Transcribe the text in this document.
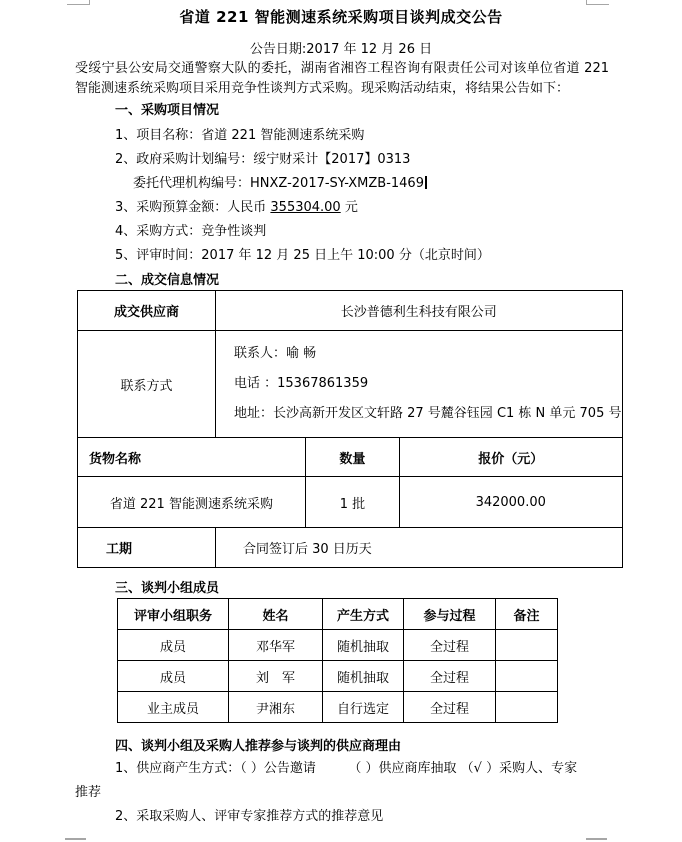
省道 221 智能测速系统采购项目谈判成交公告
公告日期:2017 年 12 月 26 日
受绥宁县公安局交通警察大队的委托，湖南省湘咨工程咨询有限责任公司对该单位省道 221 智能测速系统采购项目采用竞争性谈判方式采购。现采购活动结束，将结果公告如下：
一、采购项目情况
1、项目名称：省道 221 智能测速系统采购
2、政府采购计划编号：绥宁财采计【2017】0313
委托代理机构编号：HNXZ-2017-SY-XMZB-1469
3、采购预算金额：人民币 355304.00 元
4、采购方式：竞争性谈判
5、评审时间：2017 年 12 月 25 日上午 10:00 分（北京时间）
二、成交信息情况
成交供应商	长沙普德利生科技有限公司		
联系方式	联系人：喻 畅
电话 ：15367861359
地址：长沙高新开发区文轩路 27 号麓谷钰园 C1 栋 N 单元 705 号		

货物名称		数量	报价（元）
省道 221 智能测速系统采购		1 批	342000.00
工期	合同签订后 30 日历天		
三、谈判小组成员
评审小组职务	姓名	产生方式	参与过程	备注
成员	邓华军	随机抽取	全过程	
成员	刘　军	随机抽取	全过程	
业主成员	尹湘东	自行选定	全过程	
四、谈判小组及采购人推荐参与谈判的供应商理由
1、供应商产生方式：（ ）公告邀请　　　（ ）供应商库抽取 （√ ）采购人、专家
推荐
2、采取采购人、评审专家推荐方式的推荐意见
